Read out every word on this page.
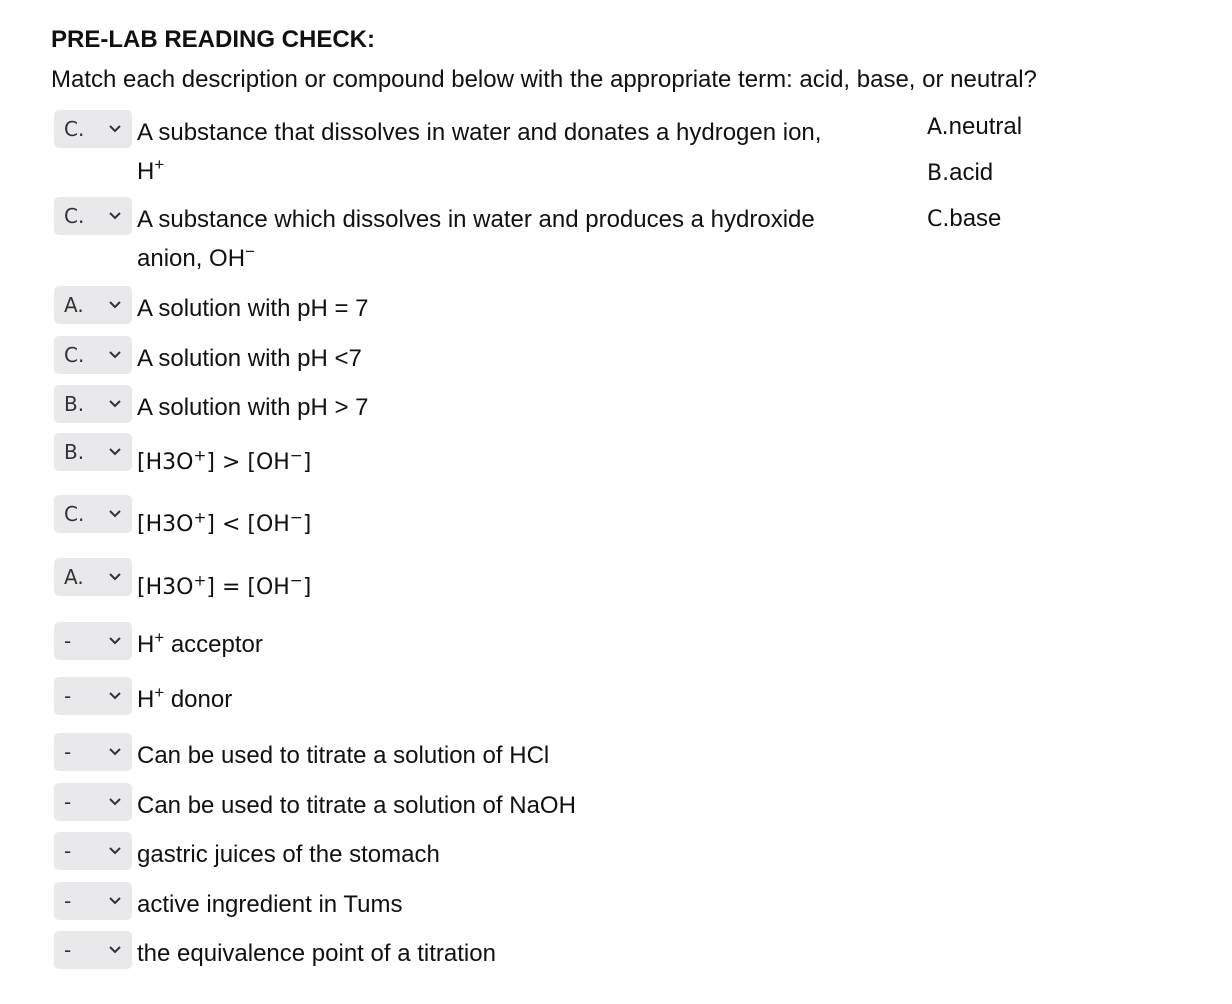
PRE-LAB READING CHECK:
Match each description or compound below with the appropriate term: acid, base, or neutral?
C. A substance that dissolves in water and donates a hydrogen ion,
H+
C. A substance which dissolves in water and produces a hydroxide
anion, OH−
A. A solution with pH = 7
C. A solution with pH <7
B. A solution with pH > 7
B. [H3O+] > [OH−]
C. [H3O+] < [OH−]
A. [H3O+] = [OH−]
-	H+ acceptor
-	H+ donor
-	Can be used to titrate a solution of HCl
-	Can be used to titrate a solution of NaOH
-	gastric juices of the stomach
-	active ingredient in Tums
-	the equivalence point of a titration
A.neutral
B.acid
C.base
